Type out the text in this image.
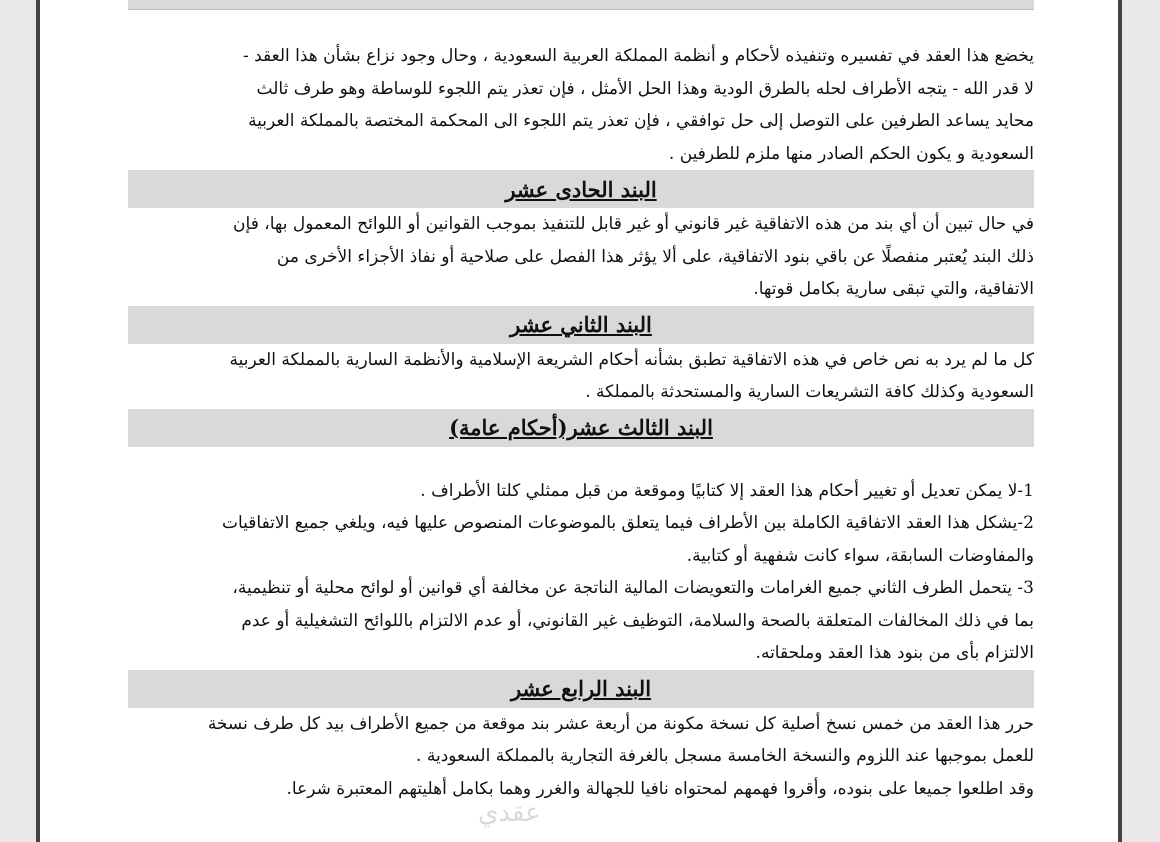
يخضع هذا العقد في تفسيره وتنفيذه لأحكام و أنظمة المملكة العربية السعودية ، وحال وجود نزاع بشأن هذا العقد -
لا قدر الله - يتجه الأطراف لحله بالطرق الودية وهذا الحل الأمثل ، فإن تعذر يتم اللجوء للوساطة وهو طرف ثالث
محايد يساعد الطرفين على التوصل إلى حل توافقي ، فإن تعذر يتم اللجوء الى المحكمة المختصة بالمملكة العربية
السعودية و يكون الحكم الصادر منها ملزم للطرفين .
البند الحادى عشر
في حال تبين أن أي بند من هذه الاتفاقية غير قانوني أو غير قابل للتنفيذ بموجب القوانين أو اللوائح المعمول بها، فإن
ذلك البند يُعتبر منفصلًا عن باقي بنود الاتفاقية، على ألا يؤثر هذا الفصل على صلاحية أو نفاذ الأجزاء الأخرى من
الاتفاقية، والتي تبقى سارية بكامل قوتها.
البند الثاني عشر
كل ما لم يرد به نص خاص في هذه الاتفاقية تطبق بشأنه أحكام الشريعة الإسلامية والأنظمة السارية بالمملكة العربية
السعودية وكذلك كافة التشريعات السارية والمستحدثة بالمملكة .
البند الثالث عشر(أحكام عامة)
1-لا يمكن تعديل أو تغيير أحكام هذا العقد إلا كتابيًا وموقعة من قبل ممثلي كلتا الأطراف .
2-يشكل هذا العقد الاتفاقية الكاملة بين الأطراف فيما يتعلق بالموضوعات المنصوص عليها فيه، ويلغي جميع الاتفاقيات
والمفاوضات السابقة، سواء كانت شفهية أو كتابية.
3- يتحمل الطرف الثاني جميع الغرامات والتعويضات المالية الناتجة عن مخالفة أي قوانين أو لوائح محلية أو تنظيمية،
بما في ذلك المخالفات المتعلقة بالصحة والسلامة، التوظيف غير القانوني، أو عدم الالتزام باللوائح التشغيلية أو عدم
الالتزام بأى من بنود هذا العقد وملحقاته.
البند الرابع عشر
حرر هذا العقد من خمس نسخ أصلية كل نسخة مكونة من أربعة عشر بند موقعة من جميع الأطراف بيد كل طرف نسخة
للعمل بموجبها عند اللزوم والنسخة الخامسة مسجل بالغرفة التجارية بالمملكة السعودية .
وقد اطلعوا جميعا على بنوده، وأقروا فهمهم لمحتواه نافيا للجهالة والغرر وهما بكامل أهليتهم المعتبرة شرعا.
عقدي
